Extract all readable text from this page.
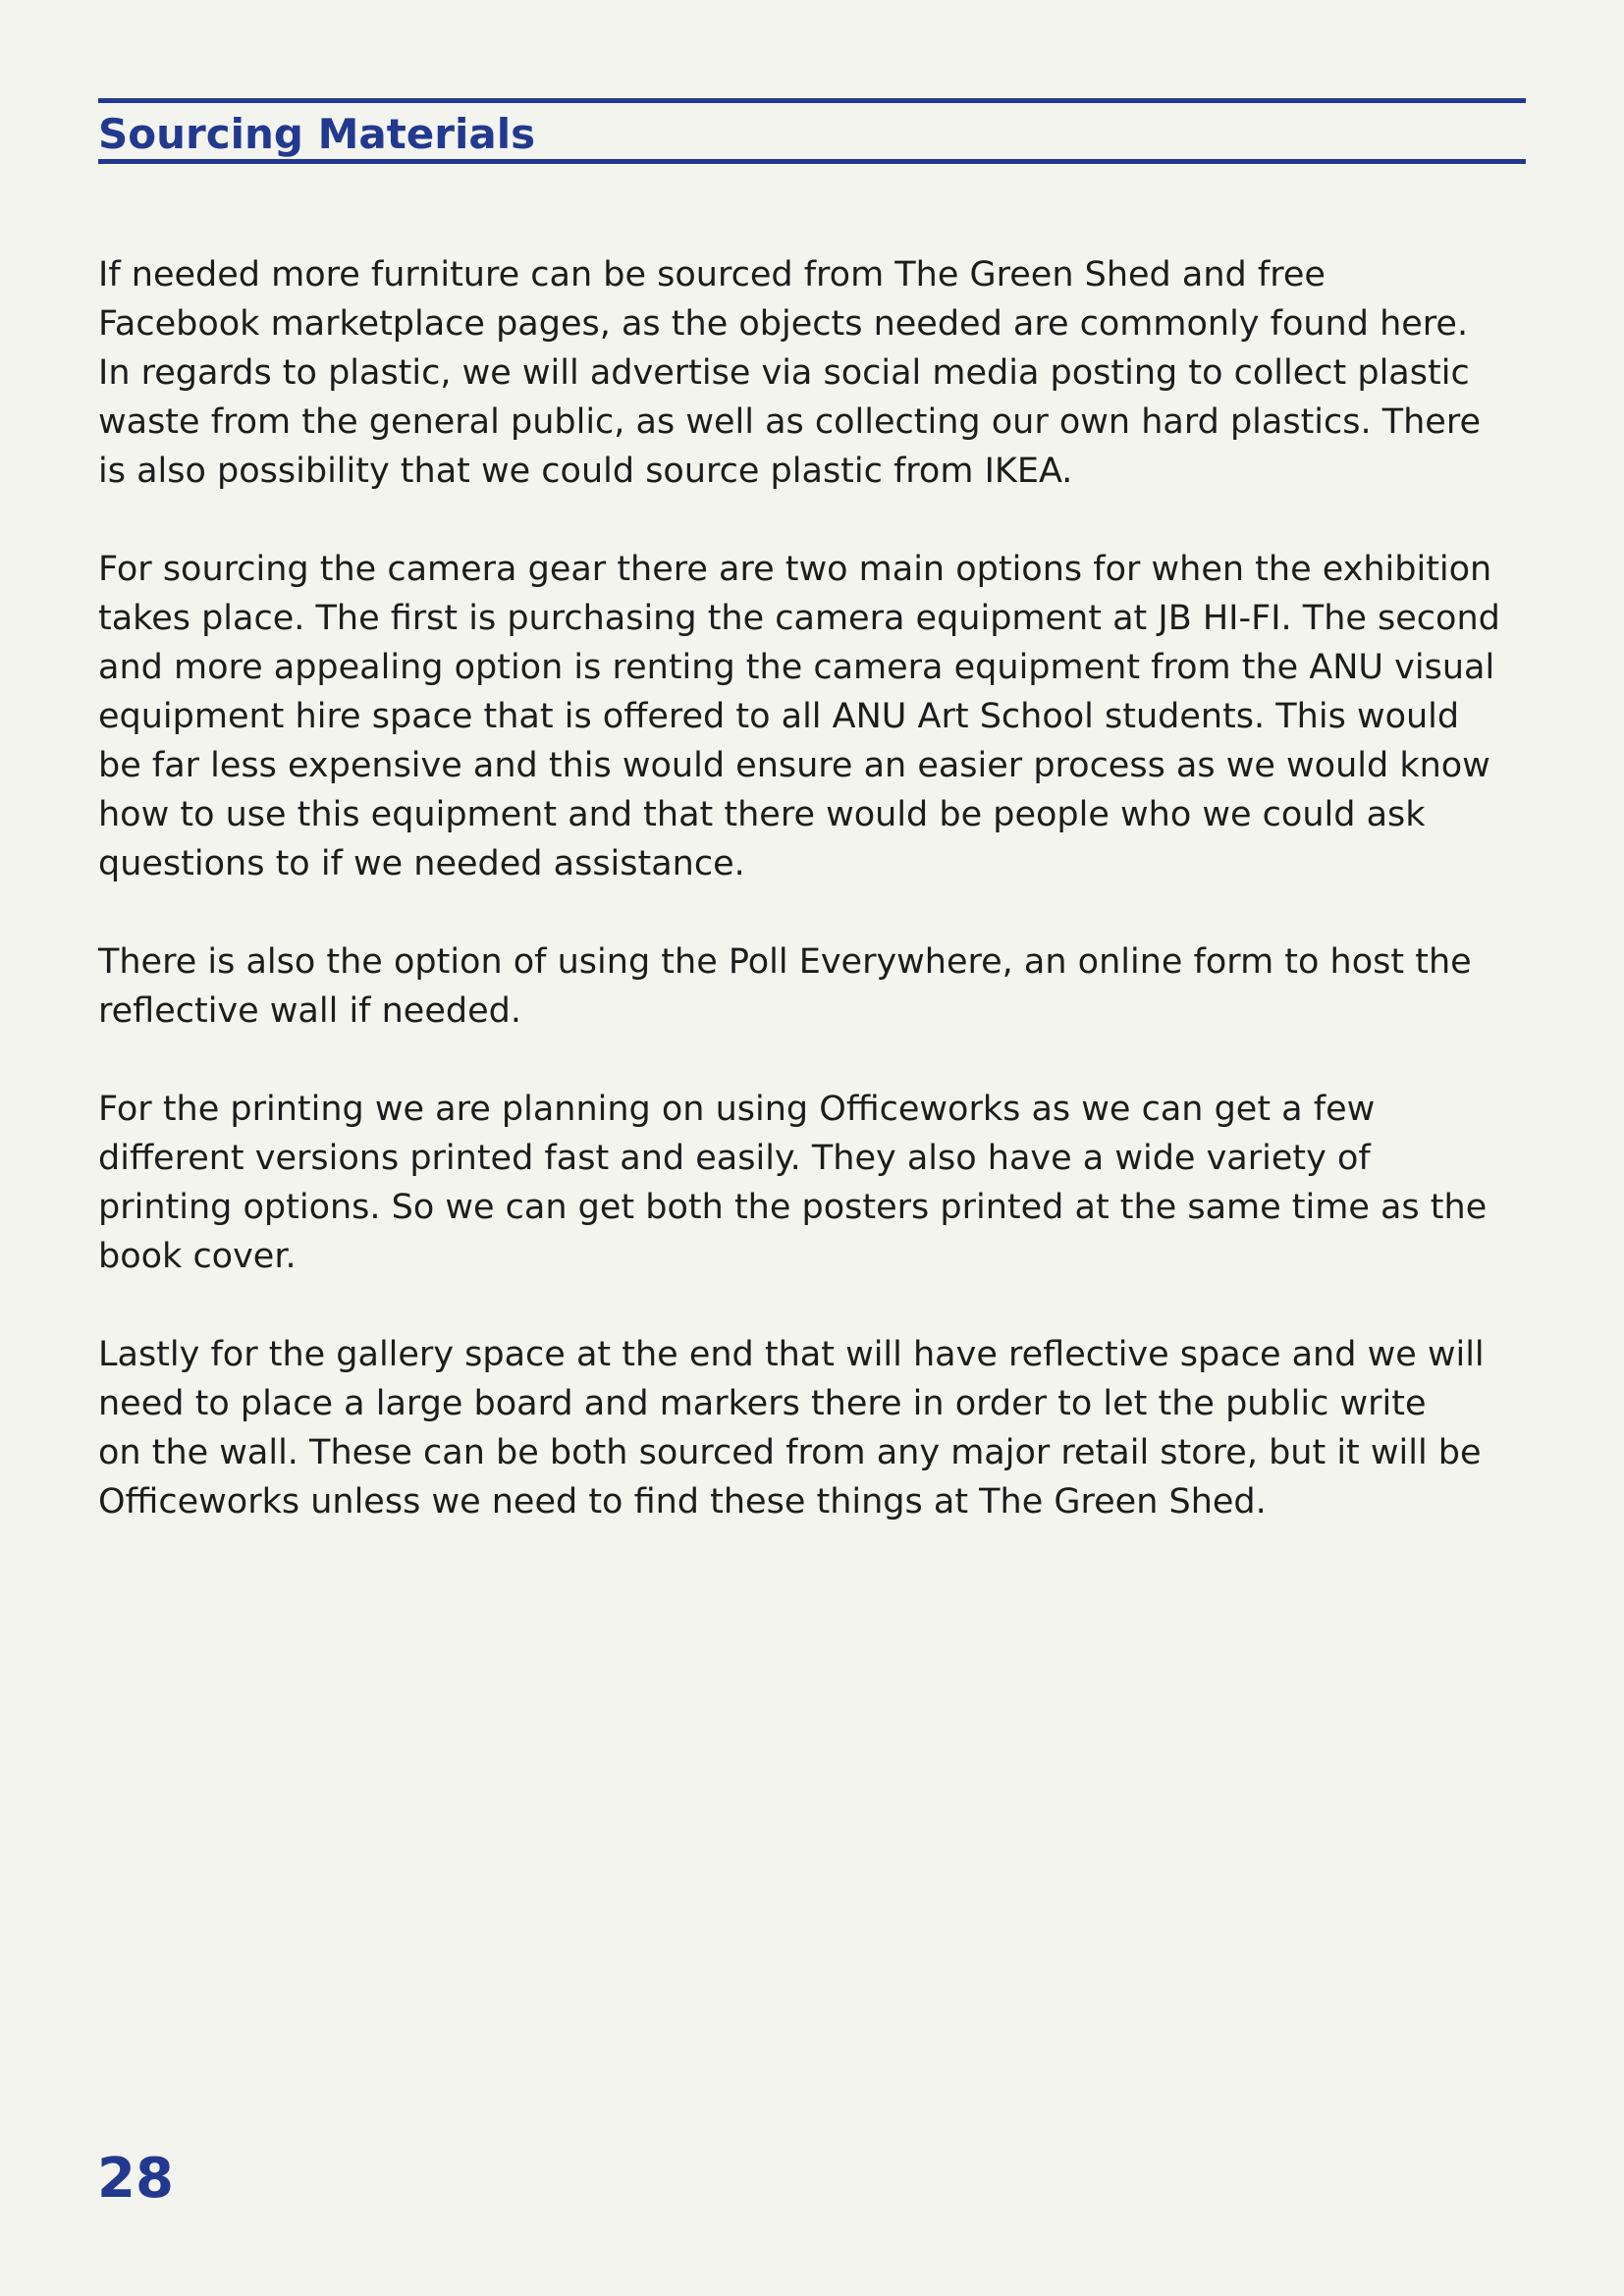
Sourcing Materials

If needed more furniture can be sourced from The Green Shed and free
Facebook marketplace pages, as the objects needed are commonly found here.
In regards to plastic, we will advertise via social media posting to collect plastic
waste from the general public, as well as collecting our own hard plastics. There
is also possibility that we could source plastic from IKEA.

For sourcing the camera gear there are two main options for when the exhibition
takes place. The first is purchasing the camera equipment at JB HI-FI. The second
and more appealing option is renting the camera equipment from the ANU visual
equipment hire space that is offered to all ANU Art School students. This would
be far less expensive and this would ensure an easier process as we would know
how to use this equipment and that there would be people who we could ask
questions to if we needed assistance.

There is also the option of using the Poll Everywhere, an online form to host the
reflective wall if needed.

For the printing we are planning on using Officeworks as we can get a few
different versions printed fast and easily. They also have a wide variety of
printing options. So we can get both the posters printed at the same time as the
book cover.

Lastly for the gallery space at the end that will have reflective space and we will
need to place a large board and markers there in order to let the public write
on the wall. These can be both sourced from any major retail store, but it will be
Officeworks unless we need to find these things at The Green Shed.

28
